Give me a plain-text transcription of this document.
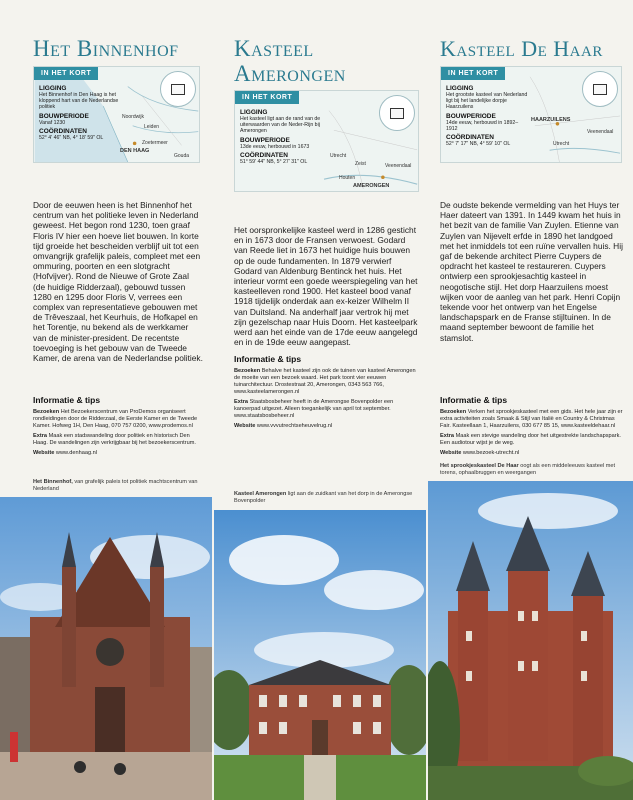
Het Binnenhof
IN HET KORT
LIGGING
Het Binnenhof in Den Haag is het kloppend hart van de Nederlandse politiek
BOUWPERIODE
Vanaf 1230
COÖRDINATEN
52° 4' 46" NB, 4° 18' 59" OL
Noordwijk
Leiden
Zoetermeer
Gouda
DEN HAAG
Door de eeuwen heen is het Binnenhof het centrum van het politieke leven in Nederland geweest. Het begon rond 1230, toen graaf Floris IV hier een hoeve liet bouwen. In korte tijd groeide het bescheiden verblijf uit tot een omvangrijk grafelijk paleis, compleet met een ommuring, poorten en een slotgracht (Hofvijver). Rond de Nieuwe of Grote Zaal (de huidige Ridderzaal), gebouwd tussen 1280 en 1295 door Floris V, verrees een complex van representatieve gebouwen met de Trêveszaal, het Keurhuis, de Hofkapel en het Torentje, nu bekend als de werkkamer van de minister-president. De recentste toevoeging is het gebouw van de Tweede Kamer, de arena van de Nederlandse politiek.
Informatie & tips

Bezoeken Het Bezoekerscentrum van ProDemos organiseert rondleidingen door de Ridderzaal, de Eerste Kamer en de Tweede Kamer. Hofweg 1H, Den Haag, 070 757 0200, www.prodemos.nl

Extra Maak een stadswandeling door politiek en historisch Den Haag. De wandelingen zijn verkrijgbaar bij het bezoekerscentrum.

Website www.denhaag.nl

Het Binnenhof, van grafelijk paleis tot politiek machtscentrum van Nederland
Kasteel
Amerongen
IN HET KORT
LIGGING
Het kasteel ligt aan de rand van de uiterwaarden van de Neder-Rijn bij Amerongen
BOUWPERIODE
13de eeuw, herbouwd in 1673
COÖRDINATEN
51° 59' 44" NB, 5° 27' 31" OL
Utrecht
Zeist	Veenendaal
Houten
AMERONGEN
Het oorspronkelijke kasteel werd in 1286 gesticht en in 1673 door de Fransen verwoest. Godard van Reede liet in 1673 het huidige huis bouwen op de oude fundamenten. In 1879 verwierf Godard van Aldenburg Bentinck het huis. Het interieur vormt een goede weerspiegeling van het kasteelleven rond 1900. Het kasteel bood vanaf 1918 tijdelijk onderdak aan ex-keizer Wilhelm II van Duitsland. Na anderhalf jaar vertrok hij met zijn gezelschap naar Huis Doorn. Het kasteelpark werd aan het einde van de 17de eeuw aangelegd en in de 19de eeuw aangepast.
Informatie & tips

Bezoeken Behalve het kasteel zijn ook de tuinen van kasteel Amerongen de moeite van een bezoek waard. Het park toont vier eeuwen tuinarchitectuur. Drostestraat 20, Amerongen, 0343 563 766, www.kasteelamerongen.nl

Extra Staatsbosbeheer heeft in de Amerongse Bovenpolder een kanoerpad uitgezet. Alleen toegankelijk van april tot september. www.staatsbosbeheer.nl

Website www.vvvutrechtseheuvelrug.nl

Kasteel Amerongen ligt aan de zuidkant van het dorp in de Amerongse Bovenpolder
Kasteel De Haar
IN HET KORT
LIGGING
Het grootste kasteel van Nederland ligt bij het landelijke dorpje Haarzuilens
BOUWPERIODE
14de eeuw, herbouwd in 1892–1912
COÖRDINATEN
52° 7' 17" NB, 4° 59' 10" OL	Utrecht
Veenendaal
HAARZUILENS
De oudste bekende vermelding van het Huys ter Haer dateert van 1391. In 1449 kwam het huis in het bezit van de familie Van Zuylen. Etienne van Zuylen van Nijevelt erfde in 1890 het landgoed met het inmiddels tot een ruïne vervallen huis. Hij gaf de bekende architect Pierre Cuypers de opdracht het kasteel te restaureren. Cuypers ontwierp een sprookjesachtig kasteel in neogotische stijl. Het dorp Haarzuilens moest wijken voor de aanleg van het park. Henri Copijn tekende voor het ontwerp van het Engelse landschapspark en de Franse stijltuinen. In de maand september bewoont de familie het stamslot.
Informatie & tips

Bezoeken Verken het sprookjeskasteel met een gids. Het hele jaar zijn er extra activiteiten zoals Smaak & Stijl van Italië en Country & Christmas Fair. Kasteellaan 1, Haarzuilens, 030 677 85 15, www.kasteeldehaar.nl

Extra Maak een stevige wandeling door het uitgestrekte landschapspark. Een audiotour wijst je de weg.

Website www.bezoek-utrecht.nl

Het sprookjeskasteel De Haar oogt als een middeleeuws kasteel met torens, ophaalbruggen en weergangen
